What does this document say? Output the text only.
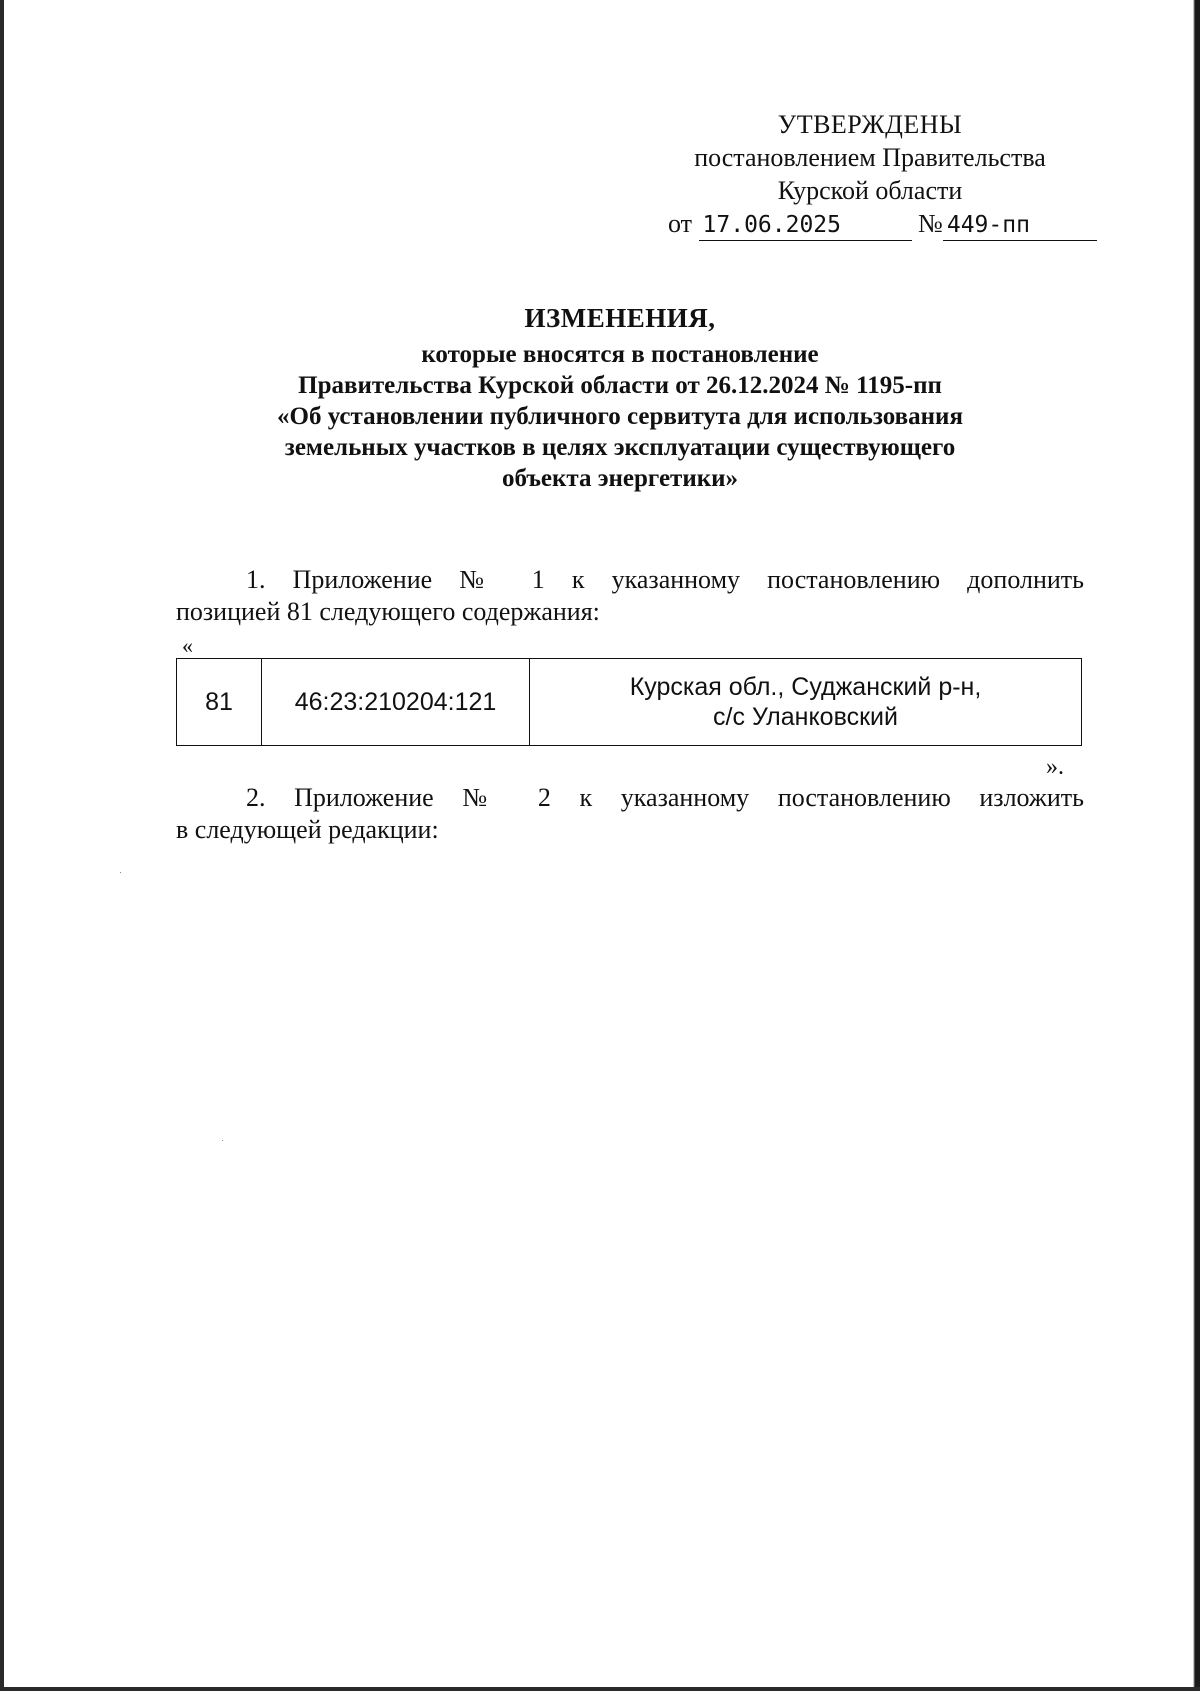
УТВЕРЖДЕНЫ
постановлением Правительства
Курской области
от 17.06.2025	№ 449-пп
ИЗМЕНЕНИЯ,
которые вносятся в постановление
Правительства Курской области от 26.12.2024 № 1195-пп
«Об установлении публичного сервитута для использования
земельных участков в целях эксплуатации существующего
объекта энергетики»
1. Приложение № 1 к указанному постановлению дополнить
позицией 81 следующего содержания:
«
81	46:23:210204:121	Курская обл., Суджанский р-н,
с/с Уланковский
».
2. Приложение № 2 к указанному постановлению изложить
в следующей редакции:
